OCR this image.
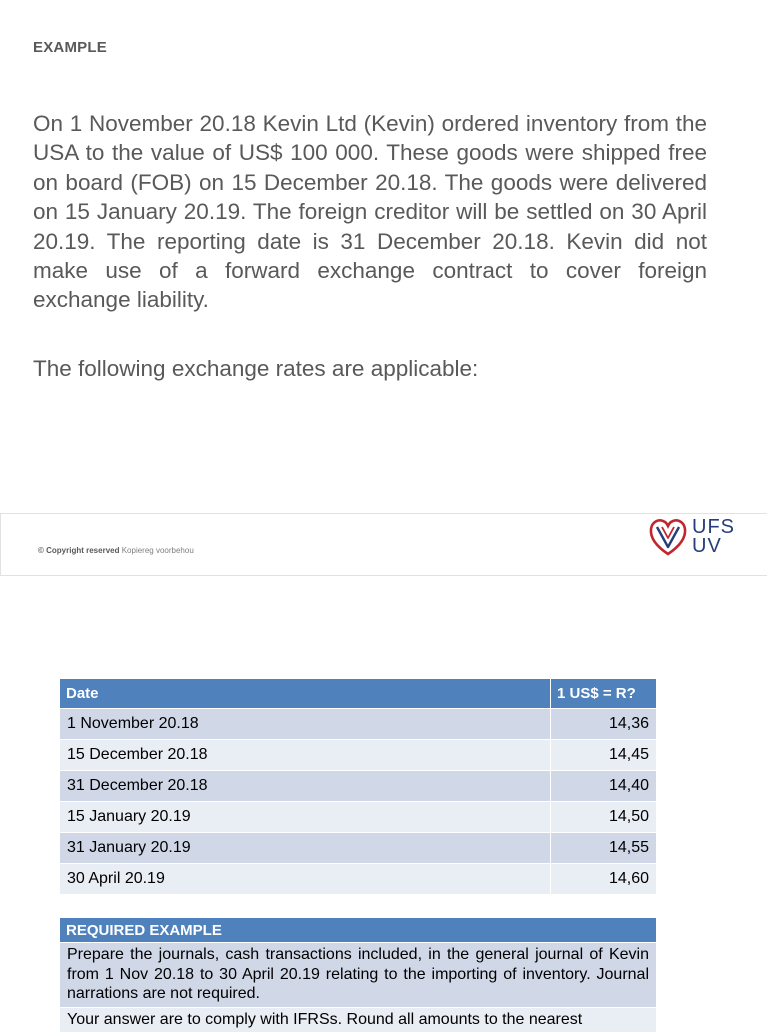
EXAMPLE

On 1 November 20.18 Kevin Ltd (Kevin) ordered inventory from the USA to the value of US$ 100 000. These goods were shipped free on board (FOB) on 15 December 20.18. The goods were delivered on 15 January 20.19. The foreign creditor will be settled on 30 April 20.19. The reporting date is 31 December 20.18. Kevin did not make use of a forward exchange contract to cover foreign exchange liability.

The following exchange rates are applicable:

© Copyright reserved Kopiereg voorbehou
UFS
UV
Date	1 US$ = R?
1 November 20.18	14,36
15 December 20.18	14,45
31 December 20.18	14,40
15 January 20.19	14,50
31 January 20.19	14,55
30 April 20.19	14,60
REQUIRED EXAMPLE
Prepare the journals, cash transactions included, in the general journal of Kevin from 1 Nov 20.18 to 30 April 20.19 relating to the importing of inventory. Journal narrations are not required.
Your answer are to comply with IFRSs. Round all amounts to the nearest
